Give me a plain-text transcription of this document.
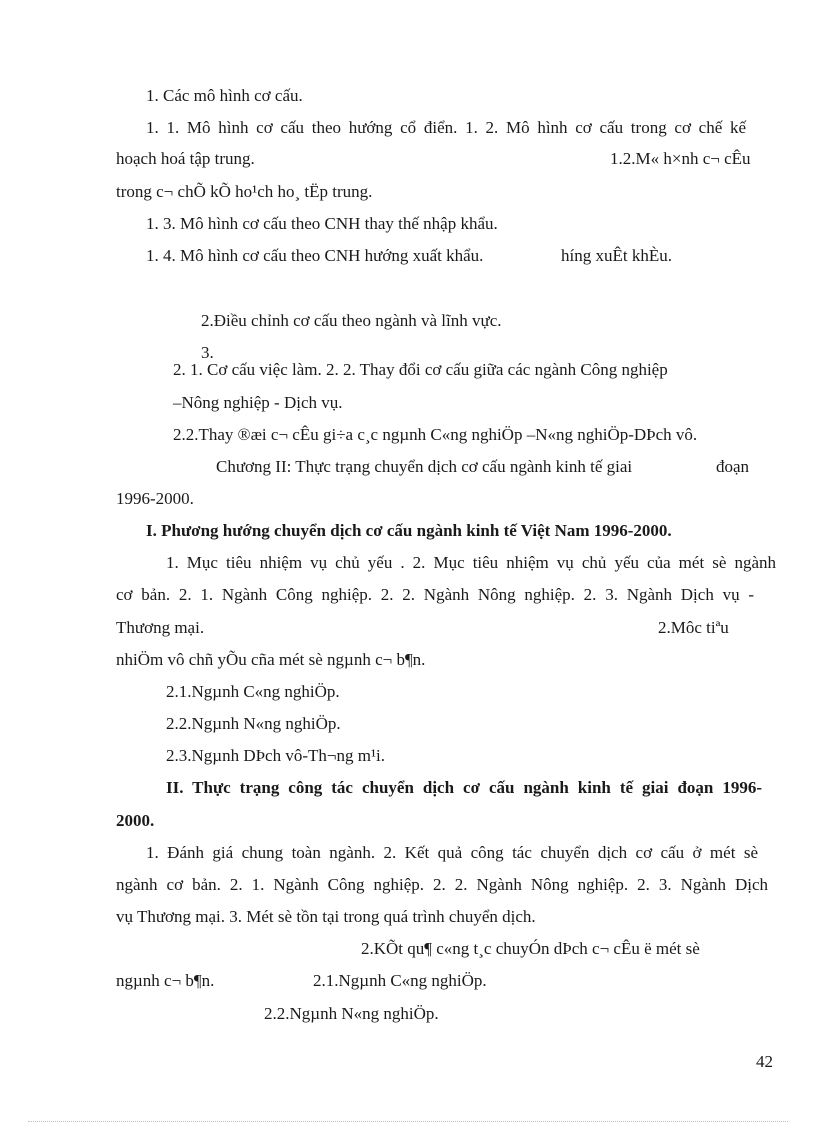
1. Các mô hình cơ cấu.
1. 1. Mô hình cơ cấu theo hướng cổ điển. 1. 2. Mô hình cơ cấu trong cơ chế kế
hoạch hoá tập trung.	1.2.M« h×nh c¬ cÊu
trong c¬ chÕ kÕ ho¹ch ho¸ tËp trung.
1. 3. Mô hình cơ cấu theo CNH thay thế nhập khẩu.
1. 4. Mô hình cơ cấu theo CNH hướng xuất khẩu.	híng xuÊt khÈu.
2.Điều chỉnh cơ cấu theo ngành và lĩnh vực.
3.
2. 1. Cơ cấu việc làm. 2. 2. Thay đổi cơ cấu giữa các ngành Công nghiệp
–Nông nghiệp - Dịch vụ.
2.2.Thay ®æi c¬ cÊu gi÷a c¸c ngµnh C«ng nghiÖp –N«ng nghiÖp-DÞch vô.
Chương II: Thực trạng chuyển dịch cơ cấu ngành kinh tế giai	đoạn
1996-2000.
I. Phương hướng chuyển dịch cơ cấu ngành kinh tế Việt Nam 1996-2000.
1. Mục tiêu nhiệm vụ chủ yếu . 2. Mục tiêu nhiệm vụ chủ yếu của mét sè ngành
cơ bản. 2. 1. Ngành Công nghiệp. 2. 2. Ngành Nông nghiệp. 2. 3. Ngành Dịch vụ -
Thương mại.	2.Môc tiªu
nhiÖm vô chñ yÕu cña mét sè ngµnh c¬ b¶n.
2.1.Ngµnh C«ng nghiÖp.
2.2.Ngµnh N«ng nghiÖp.
2.3.Ngµnh DÞch vô-Th¬ng m¹i.
II. Thực trạng công tác chuyển dịch cơ cấu ngành kinh tế giai đoạn 1996-
2000.
1. Đánh giá chung toàn ngành. 2. Kết quả công tác chuyển dịch cơ cấu ở mét sè
ngành cơ bản. 2. 1. Ngành Công nghiệp. 2. 2. Ngành Nông nghiệp. 2. 3. Ngành Dịch
vụ Thương mại. 3. Mét sè tồn tại trong quá trình chuyển dịch.
2.KÕt qu¶ c«ng t¸c chuyÓn dÞch c¬ cÊu ë mét sè
ngµnh c¬ b¶n.	2.1.Ngµnh C«ng nghiÖp.
2.2.Ngµnh N«ng nghiÖp.
42
